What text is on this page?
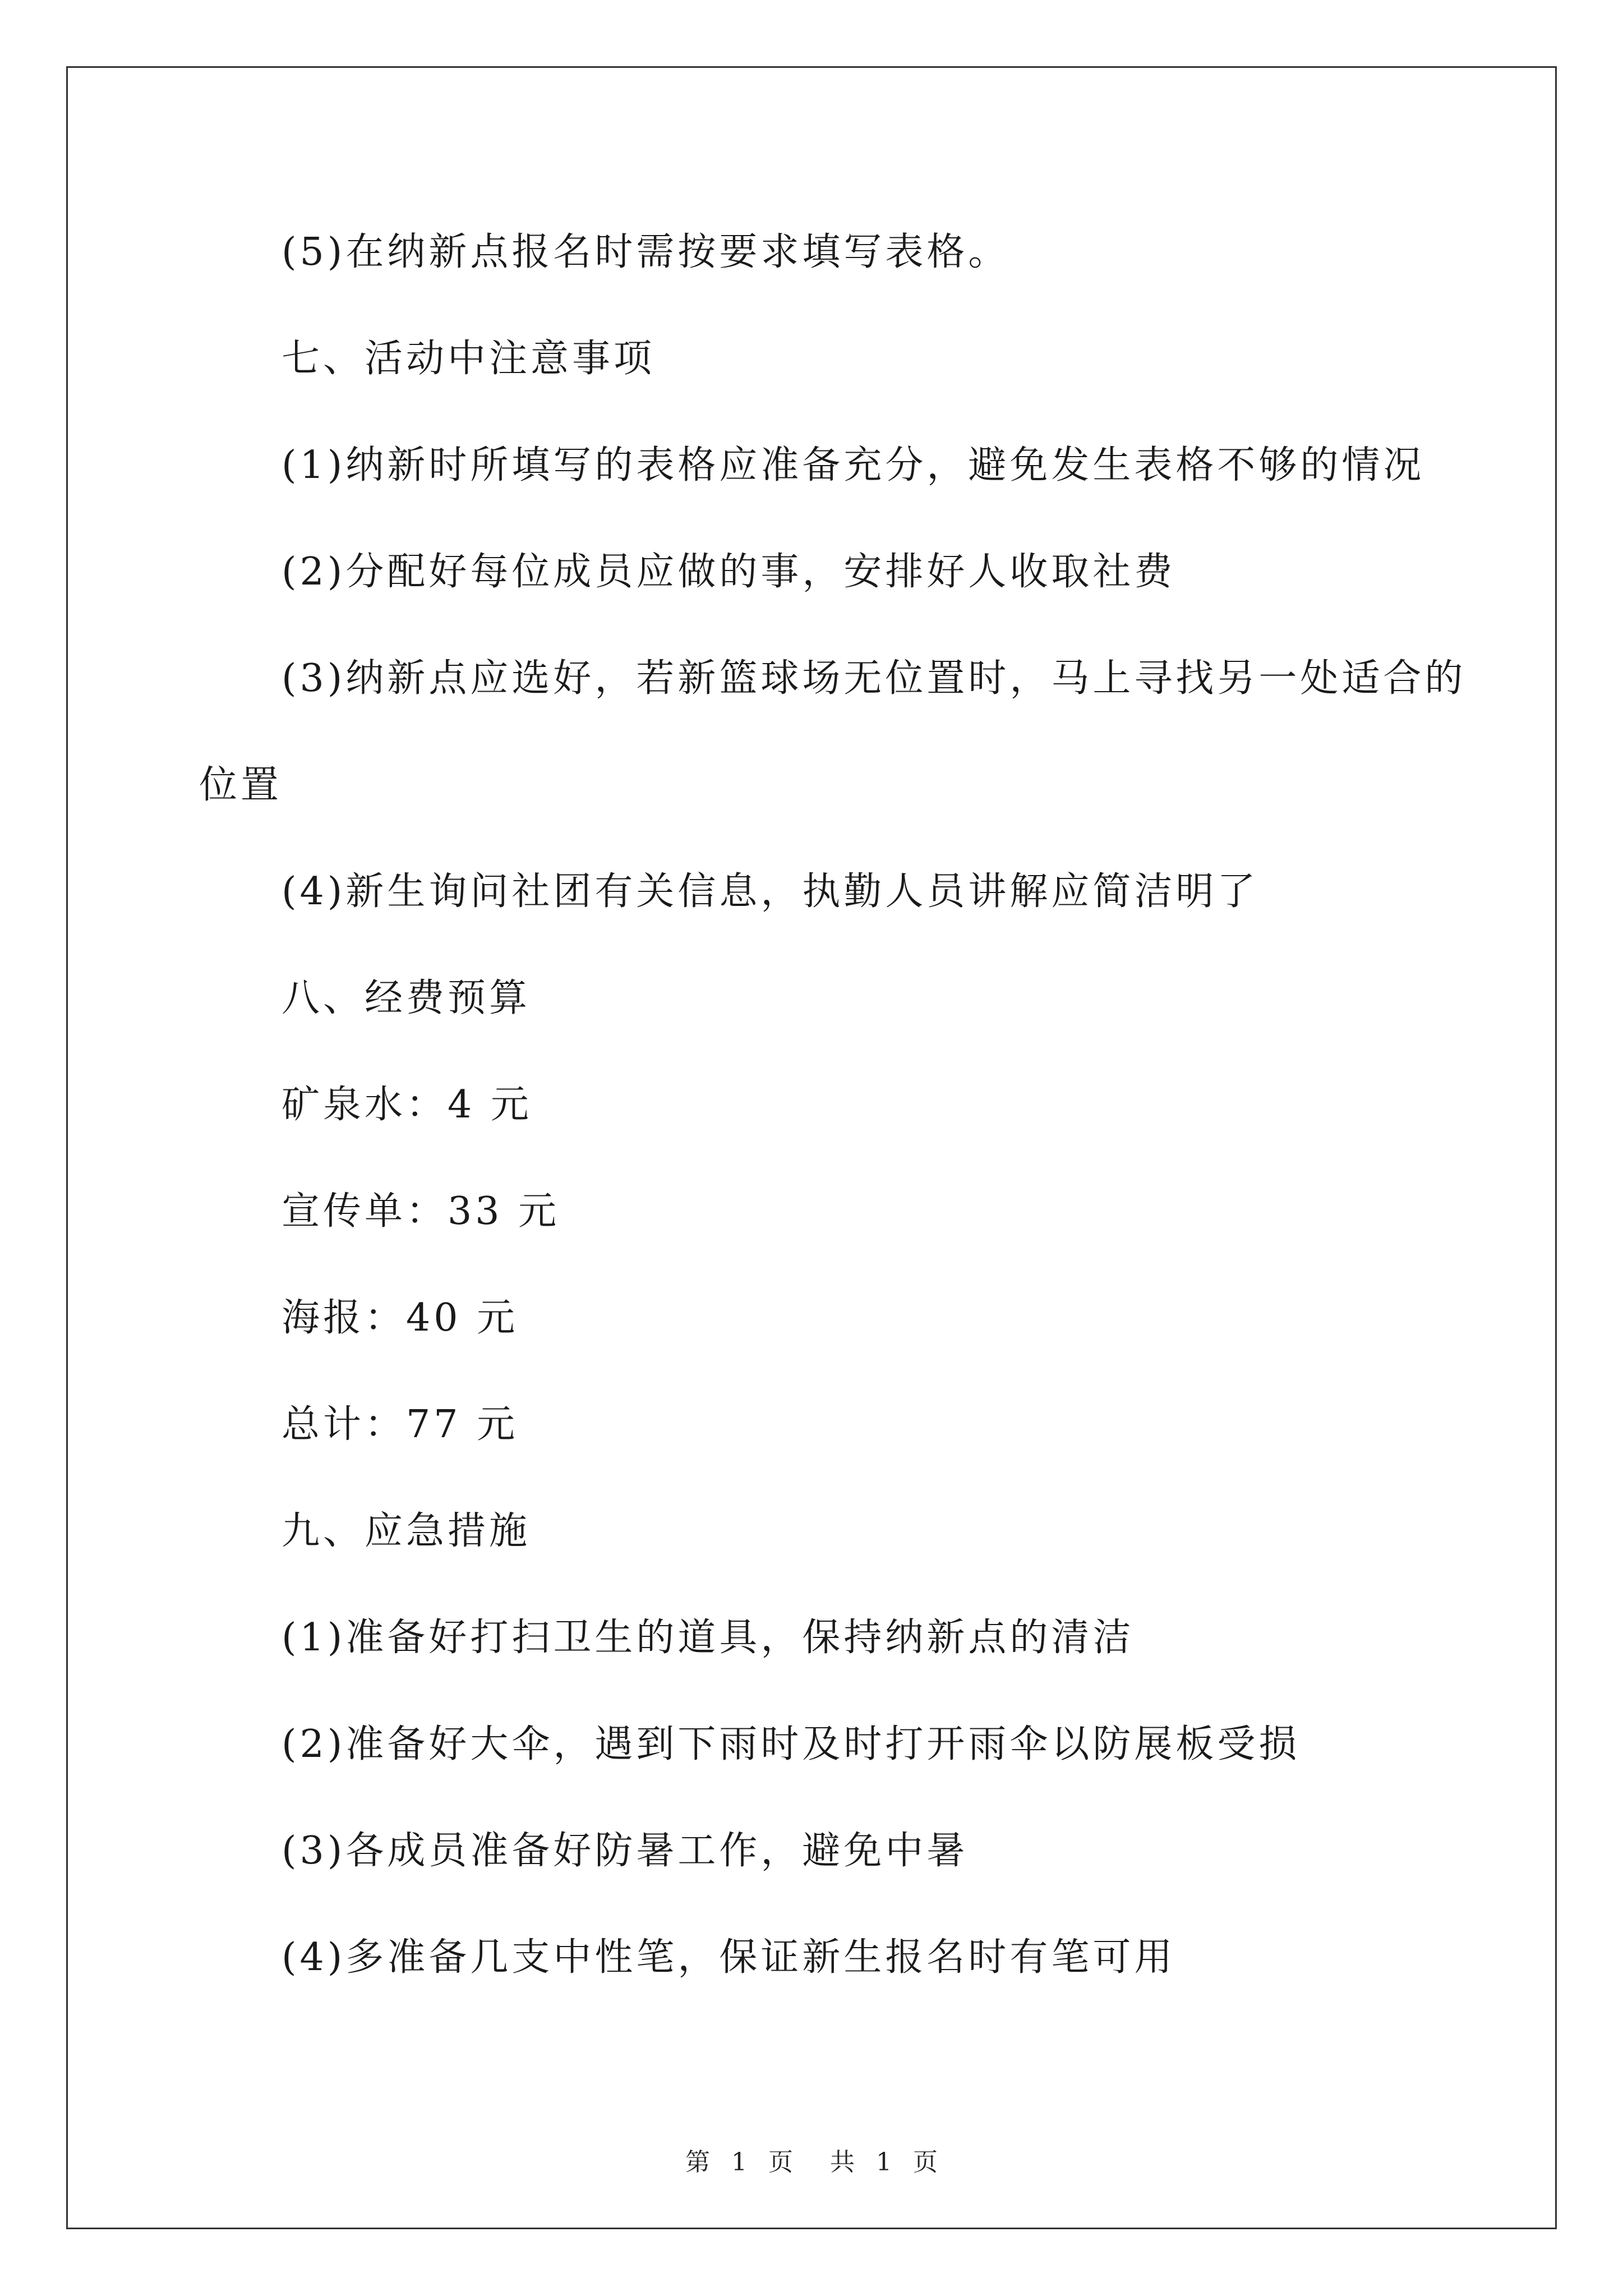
(5)在纳新点报名时需按要求填写表格。
七、活动中注意事项
(1)纳新时所填写的表格应准备充分，避免发生表格不够的情况
(2)分配好每位成员应做的事，安排好人收取社费
(3)纳新点应选好，若新篮球场无位置时，马上寻找另一处适合的
位置
(4)新生询问社团有关信息，执勤人员讲解应简洁明了
八、经费预算
矿泉水：4 元
宣传单：33 元
海报：40 元
总计：77 元
九、应急措施
(1)准备好打扫卫生的道具，保持纳新点的清洁
(2)准备好大伞，遇到下雨时及时打开雨伞以防展板受损
(3)各成员准备好防暑工作，避免中暑
(4)多准备几支中性笔，保证新生报名时有笔可用
第 1 页 共 1 页
